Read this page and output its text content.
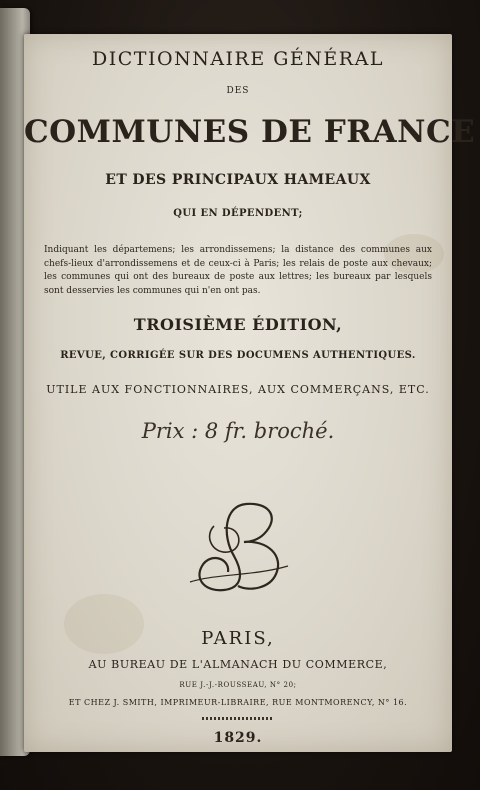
DICTIONNAIRE GÉNÉRAL
DES
COMMUNES DE FRANCE
ET DES PRINCIPAUX HAMEAUX
QUI EN DÉPENDENT;
Indiquant les départemens; les arrondissemens; la distance des communes aux chefs-lieux d'arrondissemens et de ceux-ci à Paris; les relais de poste aux chevaux; les communes qui ont des bureaux de poste aux lettres; les bureaux par lesquels sont desservies les communes qui n'en ont pas.
TROISIÈME ÉDITION,
REVUE, CORRIGÉE SUR DES DOCUMENS AUTHENTIQUES.
UTILE AUX FONCTIONNAIRES, AUX COMMERÇANS, ETC.
Prix : 8 fr. broché.
PARIS,
AU BUREAU DE L'ALMANACH DU COMMERCE,
RUE J.-J.-ROUSSEAU, N° 20;
ET CHEZ J. SMITH, IMPRIMEUR-LIBRAIRE, RUE MONTMORENCY, N° 16.
1829.
